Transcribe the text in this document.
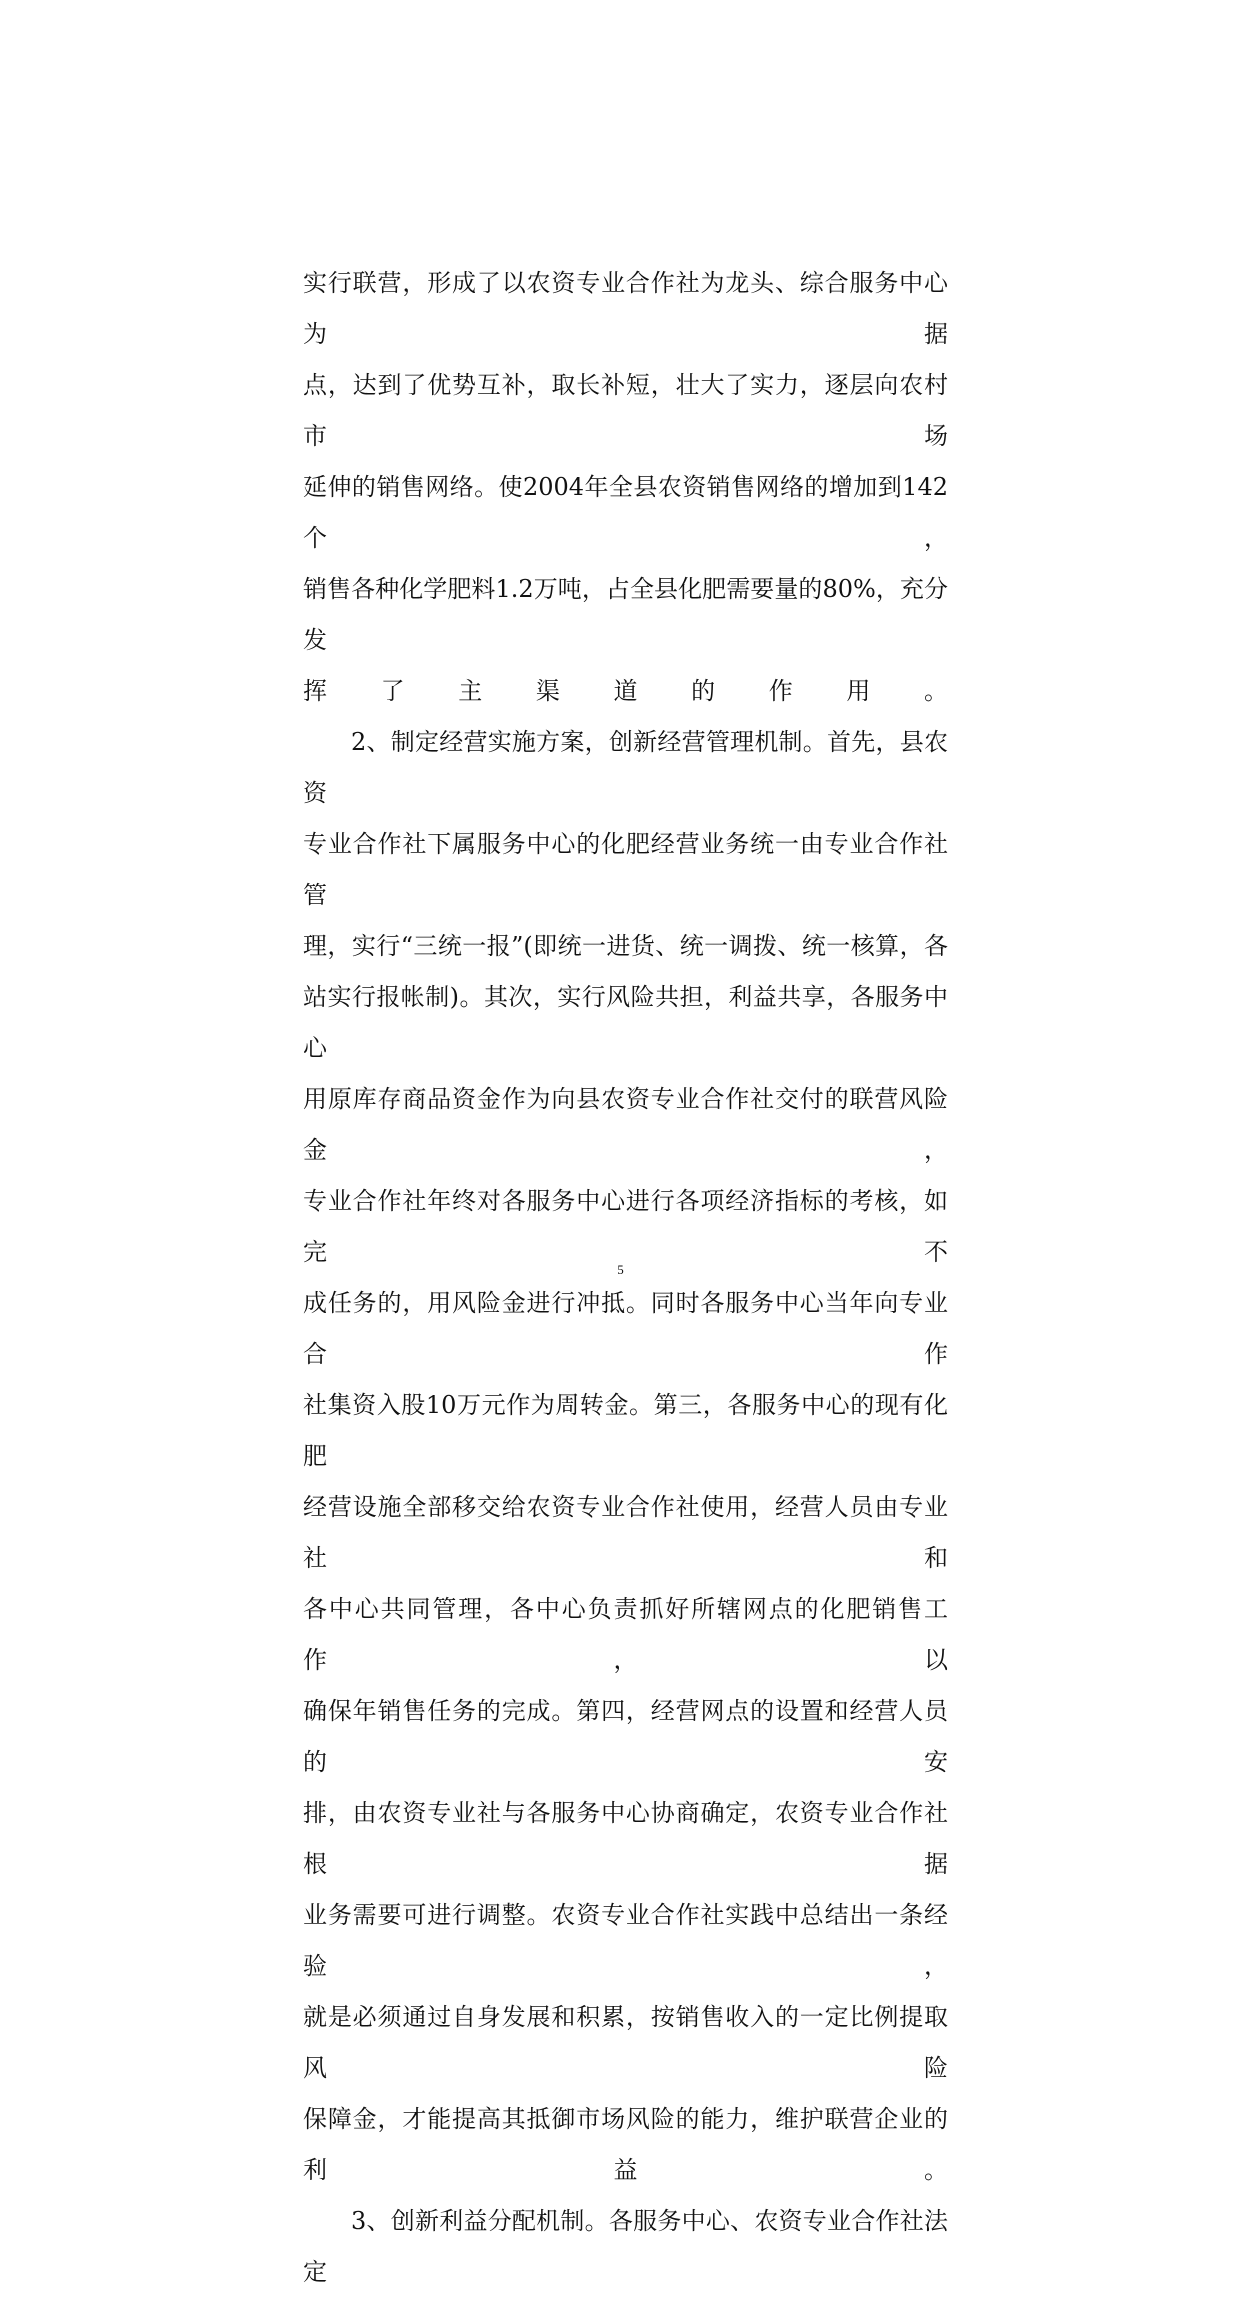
实行联营，形成了以农资专业合作社为龙头、综合服务中心为据
点，达到了优势互补，取长补短，壮大了实力，逐层向农村市场
延伸的销售网络。使2004年全县农资销售网络的增加到142个，
销售各种化学肥料1.2万吨，占全县化肥需要量的80%，充分发
挥了主渠道的作用。

2、制定经营实施方案，创新经营管理机制。首先，县农资
专业合作社下属服务中心的化肥经营业务统一由专业合作社管
理，实行“三统一报”(即统一进货、统一调拨、统一核算，各
站实行报帐制)。其次，实行风险共担，利益共享，各服务中心
用原库存商品资金作为向县农资专业合作社交付的联营风险金，
专业合作社年终对各服务中心进行各项经济指标的考核，如完不
成任务的，用风险金进行冲抵。同时各服务中心当年向专业合作
社集资入股10万元作为周转金。第三，各服务中心的现有化肥
经营设施全部移交给农资专业合作社使用，经营人员由专业社和
各中心共同管理，各中心负责抓好所辖网点的化肥销售工作，以
确保年销售任务的完成。第四，经营网点的设置和经营人员的安
排，由农资专业社与各服务中心协商确定，农资专业合作社根据
业务需要可进行调整。农资专业合作社实践中总结出一条经验，
就是必须通过自身发展和积累，按销售收入的一定比例提取风险
保障金，才能提高其抵御市场风险的能力，维护联营企业的利益。

3、创新利益分配机制。各服务中心、农资专业合作社法定

5
